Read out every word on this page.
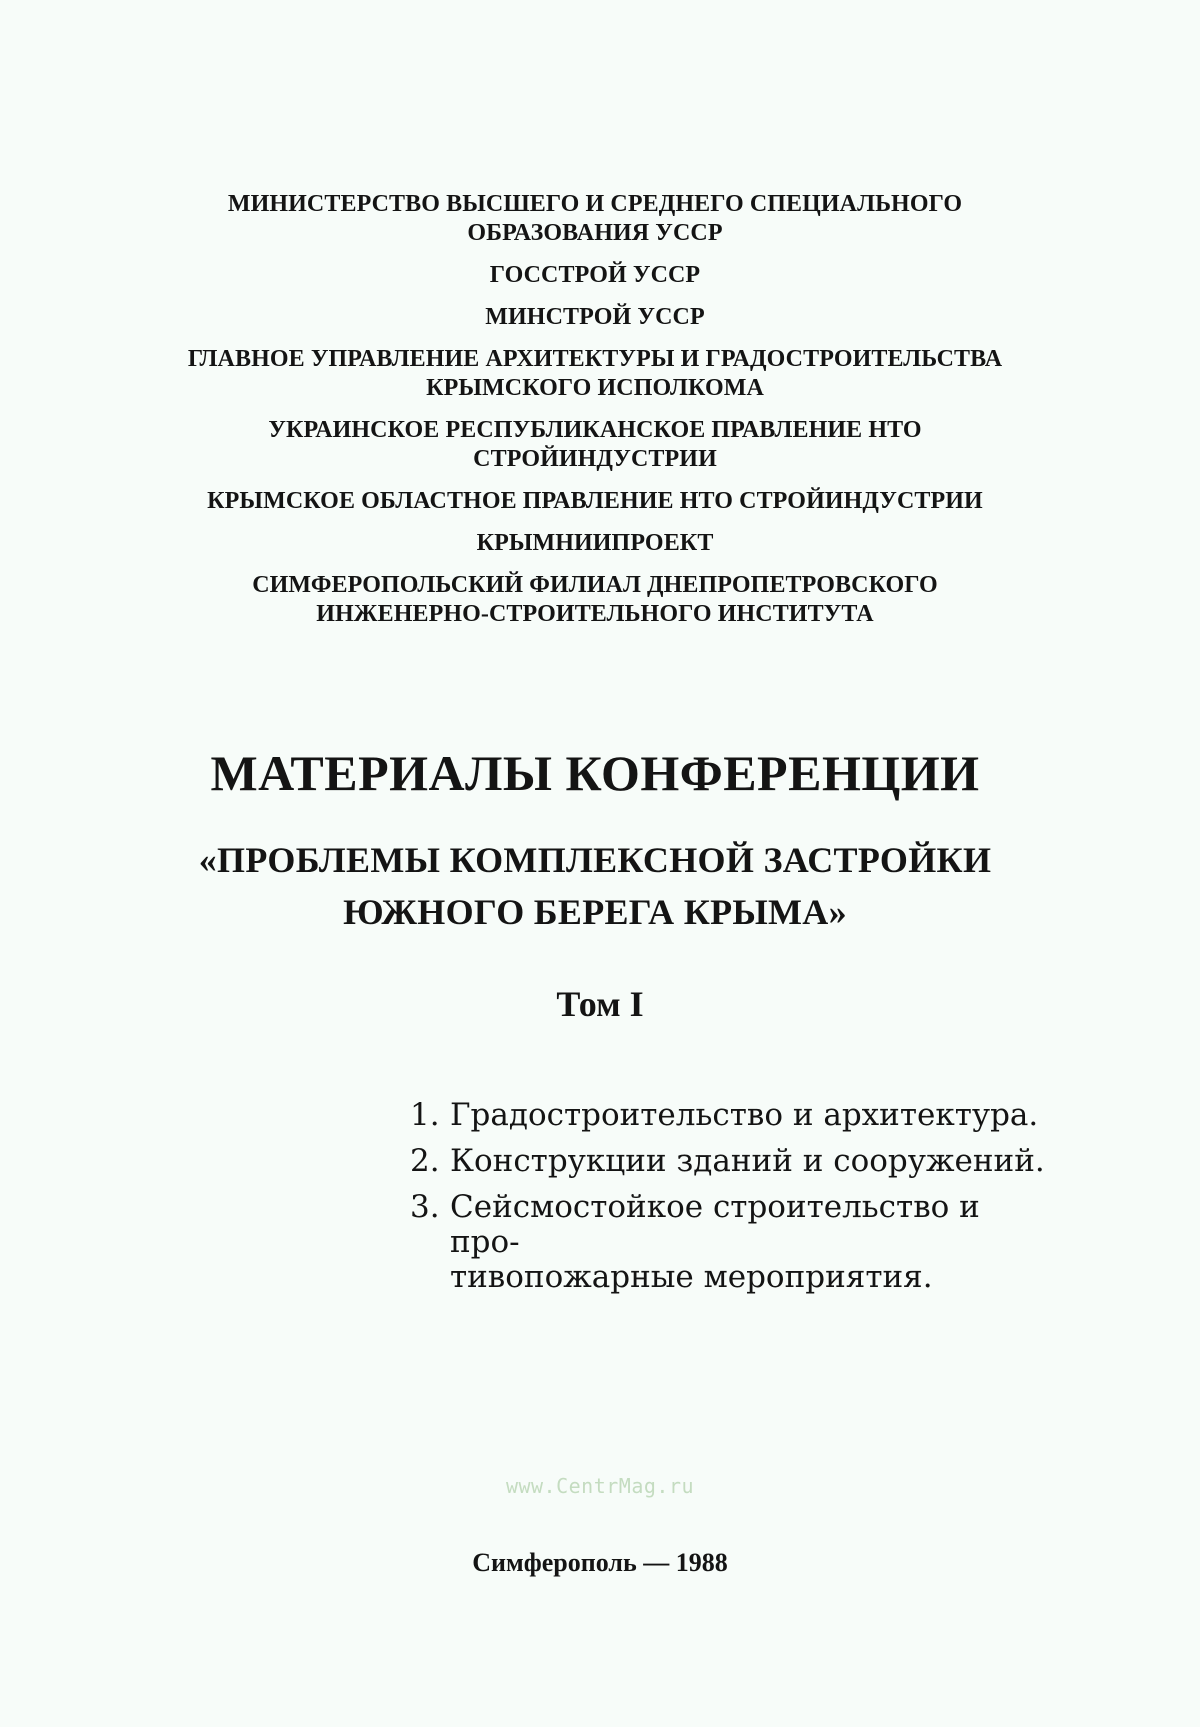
МИНИСТЕРСТВО ВЫСШЕГО И СРЕДНЕГО СПЕЦИАЛЬНОГО
ОБРАЗОВАНИЯ УССР
ГОССТРОЙ УССР
МИНСТРОЙ УССР
ГЛАВНОЕ УПРАВЛЕНИЕ АРХИТЕКТУРЫ И ГРАДОСТРОИТЕЛЬСТВА
КРЫМСКОГО ИСПОЛКОМА
УКРАИНСКОЕ РЕСПУБЛИКАНСКОЕ ПРАВЛЕНИЕ НТО
СТРОЙИНДУСТРИИ
КРЫМСКОЕ ОБЛАСТНОЕ ПРАВЛЕНИЕ НТО СТРОЙИНДУСТРИИ
КРЫМНИИПРОЕКТ
СИМФЕРОПОЛЬСКИЙ ФИЛИАЛ ДНЕПРОПЕТРОВСКОГО
ИНЖЕНЕРНО-СТРОИТЕЛЬНОГО ИНСТИТУТА
МАТЕРИАЛЫ КОНФЕРЕНЦИИ
«ПРОБЛЕМЫ КОМПЛЕКСНОЙ ЗАСТРОЙКИ
ЮЖНОГО БЕРЕГА КРЫМА»
Том I
1. Градостроительство и архитектура.
2. Конструкции зданий и сооружений.
3. Сейсмостойкое строительство и про-
тивопожарные мероприятия.
www.CentrMag.ru
Симферополь — 1988
